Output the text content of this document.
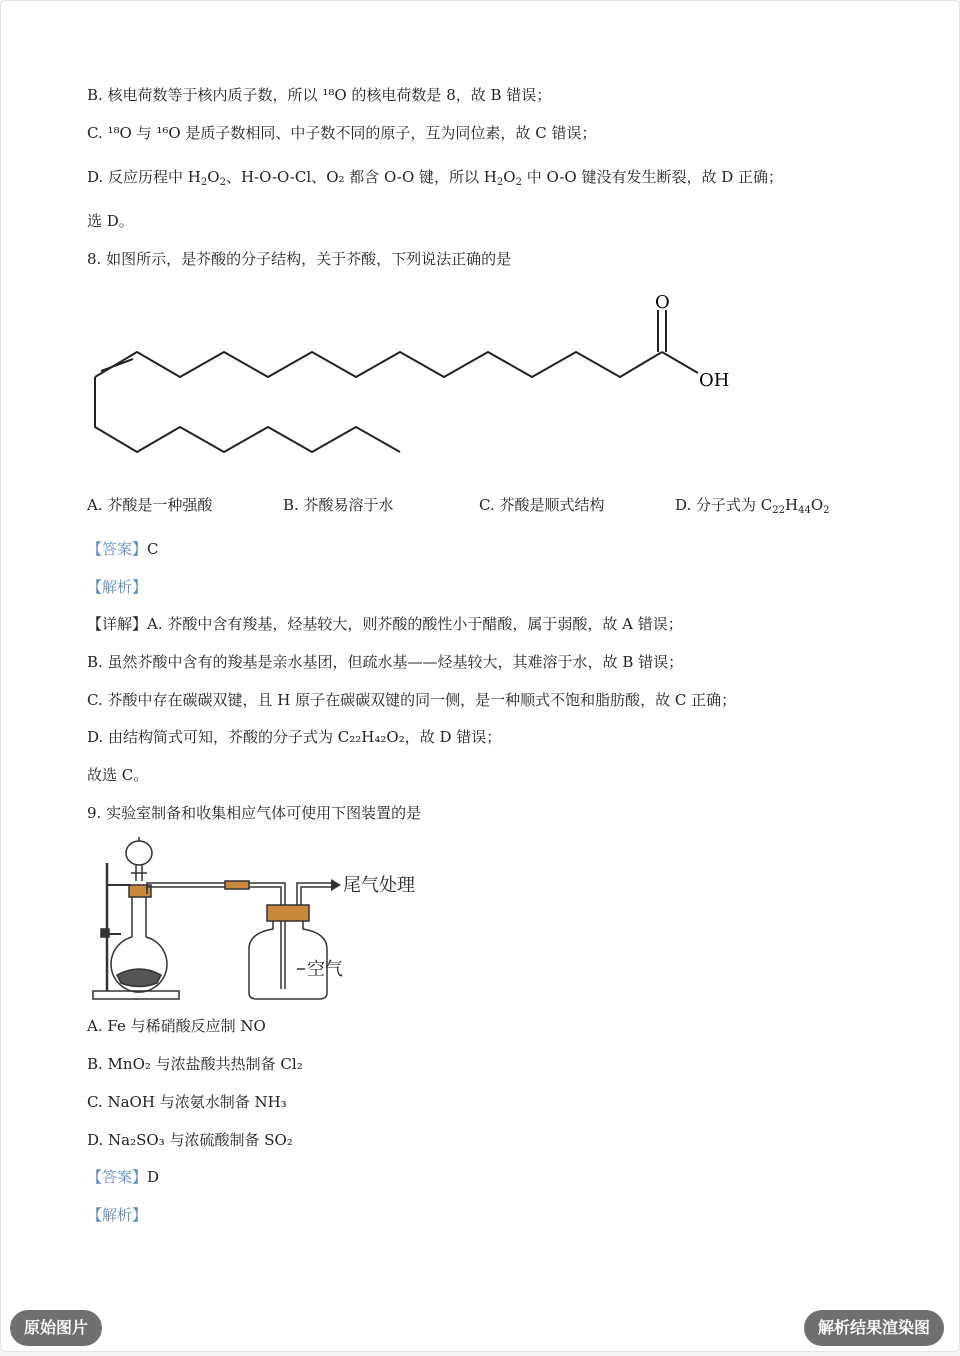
B. 核电荷数等于核内质子数，所以 ¹⁸O 的核电荷数是 8，故 B 错误；
C. ¹⁸O 与 ¹⁶O 是质子数相同、中子数不同的原子，互为同位素，故 C 错误；
D. 反应历程中 $H_2O_2$、H-O-O-Cl、O₂ 都含 O-O 键，所以 $H_2O_2$ 中 O-O 键没有发生断裂，故 D 正确；
选 D。
8. 如图所示，是芥酸的分子结构，关于芥酸，下列说法正确的是
O
OH
A. 芥酸是一种强酸	B. 芥酸易溶于水	C. 芥酸是顺式结构	D. 分子式为 $C_{22}H_{44}O_2$
【答案】C
【解析】
【详解】A. 芥酸中含有羧基，烃基较大，则芥酸的酸性小于醋酸，属于弱酸，故 A 错误；
B. 虽然芥酸中含有的羧基是亲水基团，但疏水基——烃基较大，其难溶于水，故 B 错误；
C. 芥酸中存在碳碳双键，且 H 原子在碳碳双键的同一侧，是一种顺式不饱和脂肪酸，故 C 正确；
D. 由结构简式可知，芥酸的分子式为 C₂₂H₄₂O₂，故 D 错误；
故选 C。
9. 实验室制备和收集相应气体可使用下图装置的是
尾气处理
空气
A. Fe 与稀硝酸反应制 NO
B. MnO₂ 与浓盐酸共热制备 Cl₂
C. NaOH 与浓氨水制备 NH₃
D. Na₂SO₃ 与浓硫酸制备 SO₂
【答案】D
【解析】
原始图片	解析结果渲染图
